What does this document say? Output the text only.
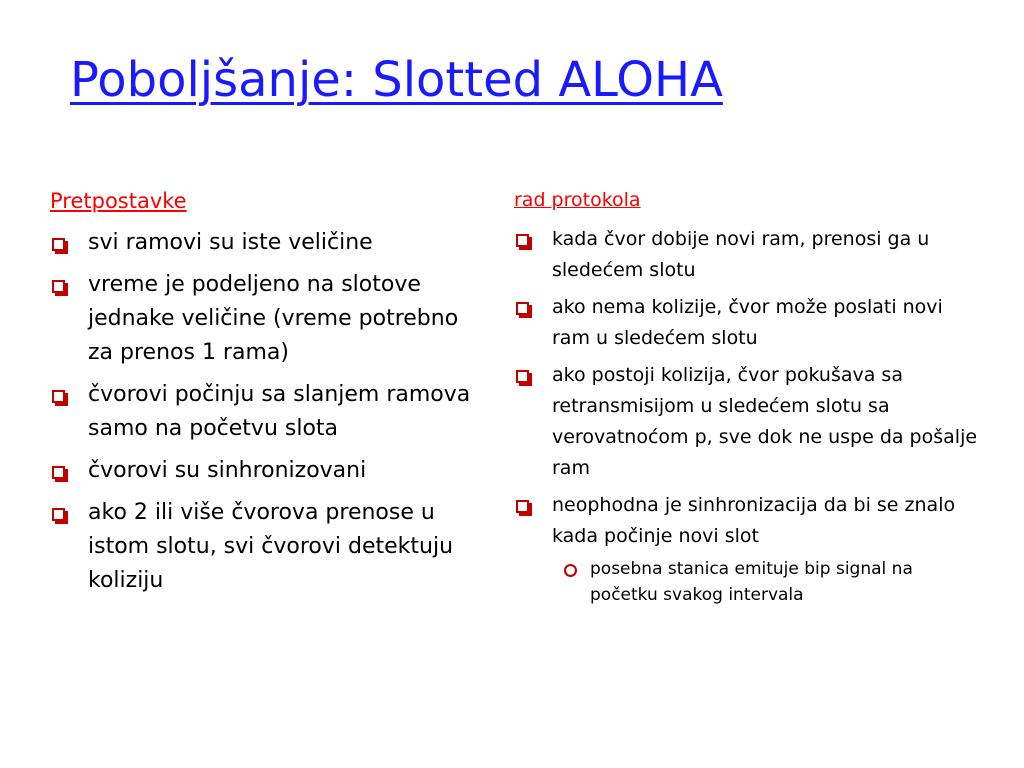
Poboljšanje: Slotted ALOHA
Pretpostavke
svi ramovi su iste veličine
vreme je podeljeno na slotove jednake veličine (vreme potrebno za prenos 1 rama)
čvorovi počinju sa slanjem ramova samo na početvu slota
čvorovi su sinhronizovani
ako 2 ili više čvorova prenose u istom slotu, svi čvorovi detektuju koliziju
rad protokola
kada čvor dobije novi ram, prenosi ga u sledećem slotu
ako nema kolizije, čvor može poslati novi ram u sledećem slotu
ako postoji kolizija, čvor pokušava sa retransmisijom u sledećem slotu sa verovatnoćom p, sve dok ne uspe da pošalje ram
neophodna je sinhronizacija da bi se znalo kada počinje novi slot
posebna stanica emituje bip signal na početku svakog intervala
